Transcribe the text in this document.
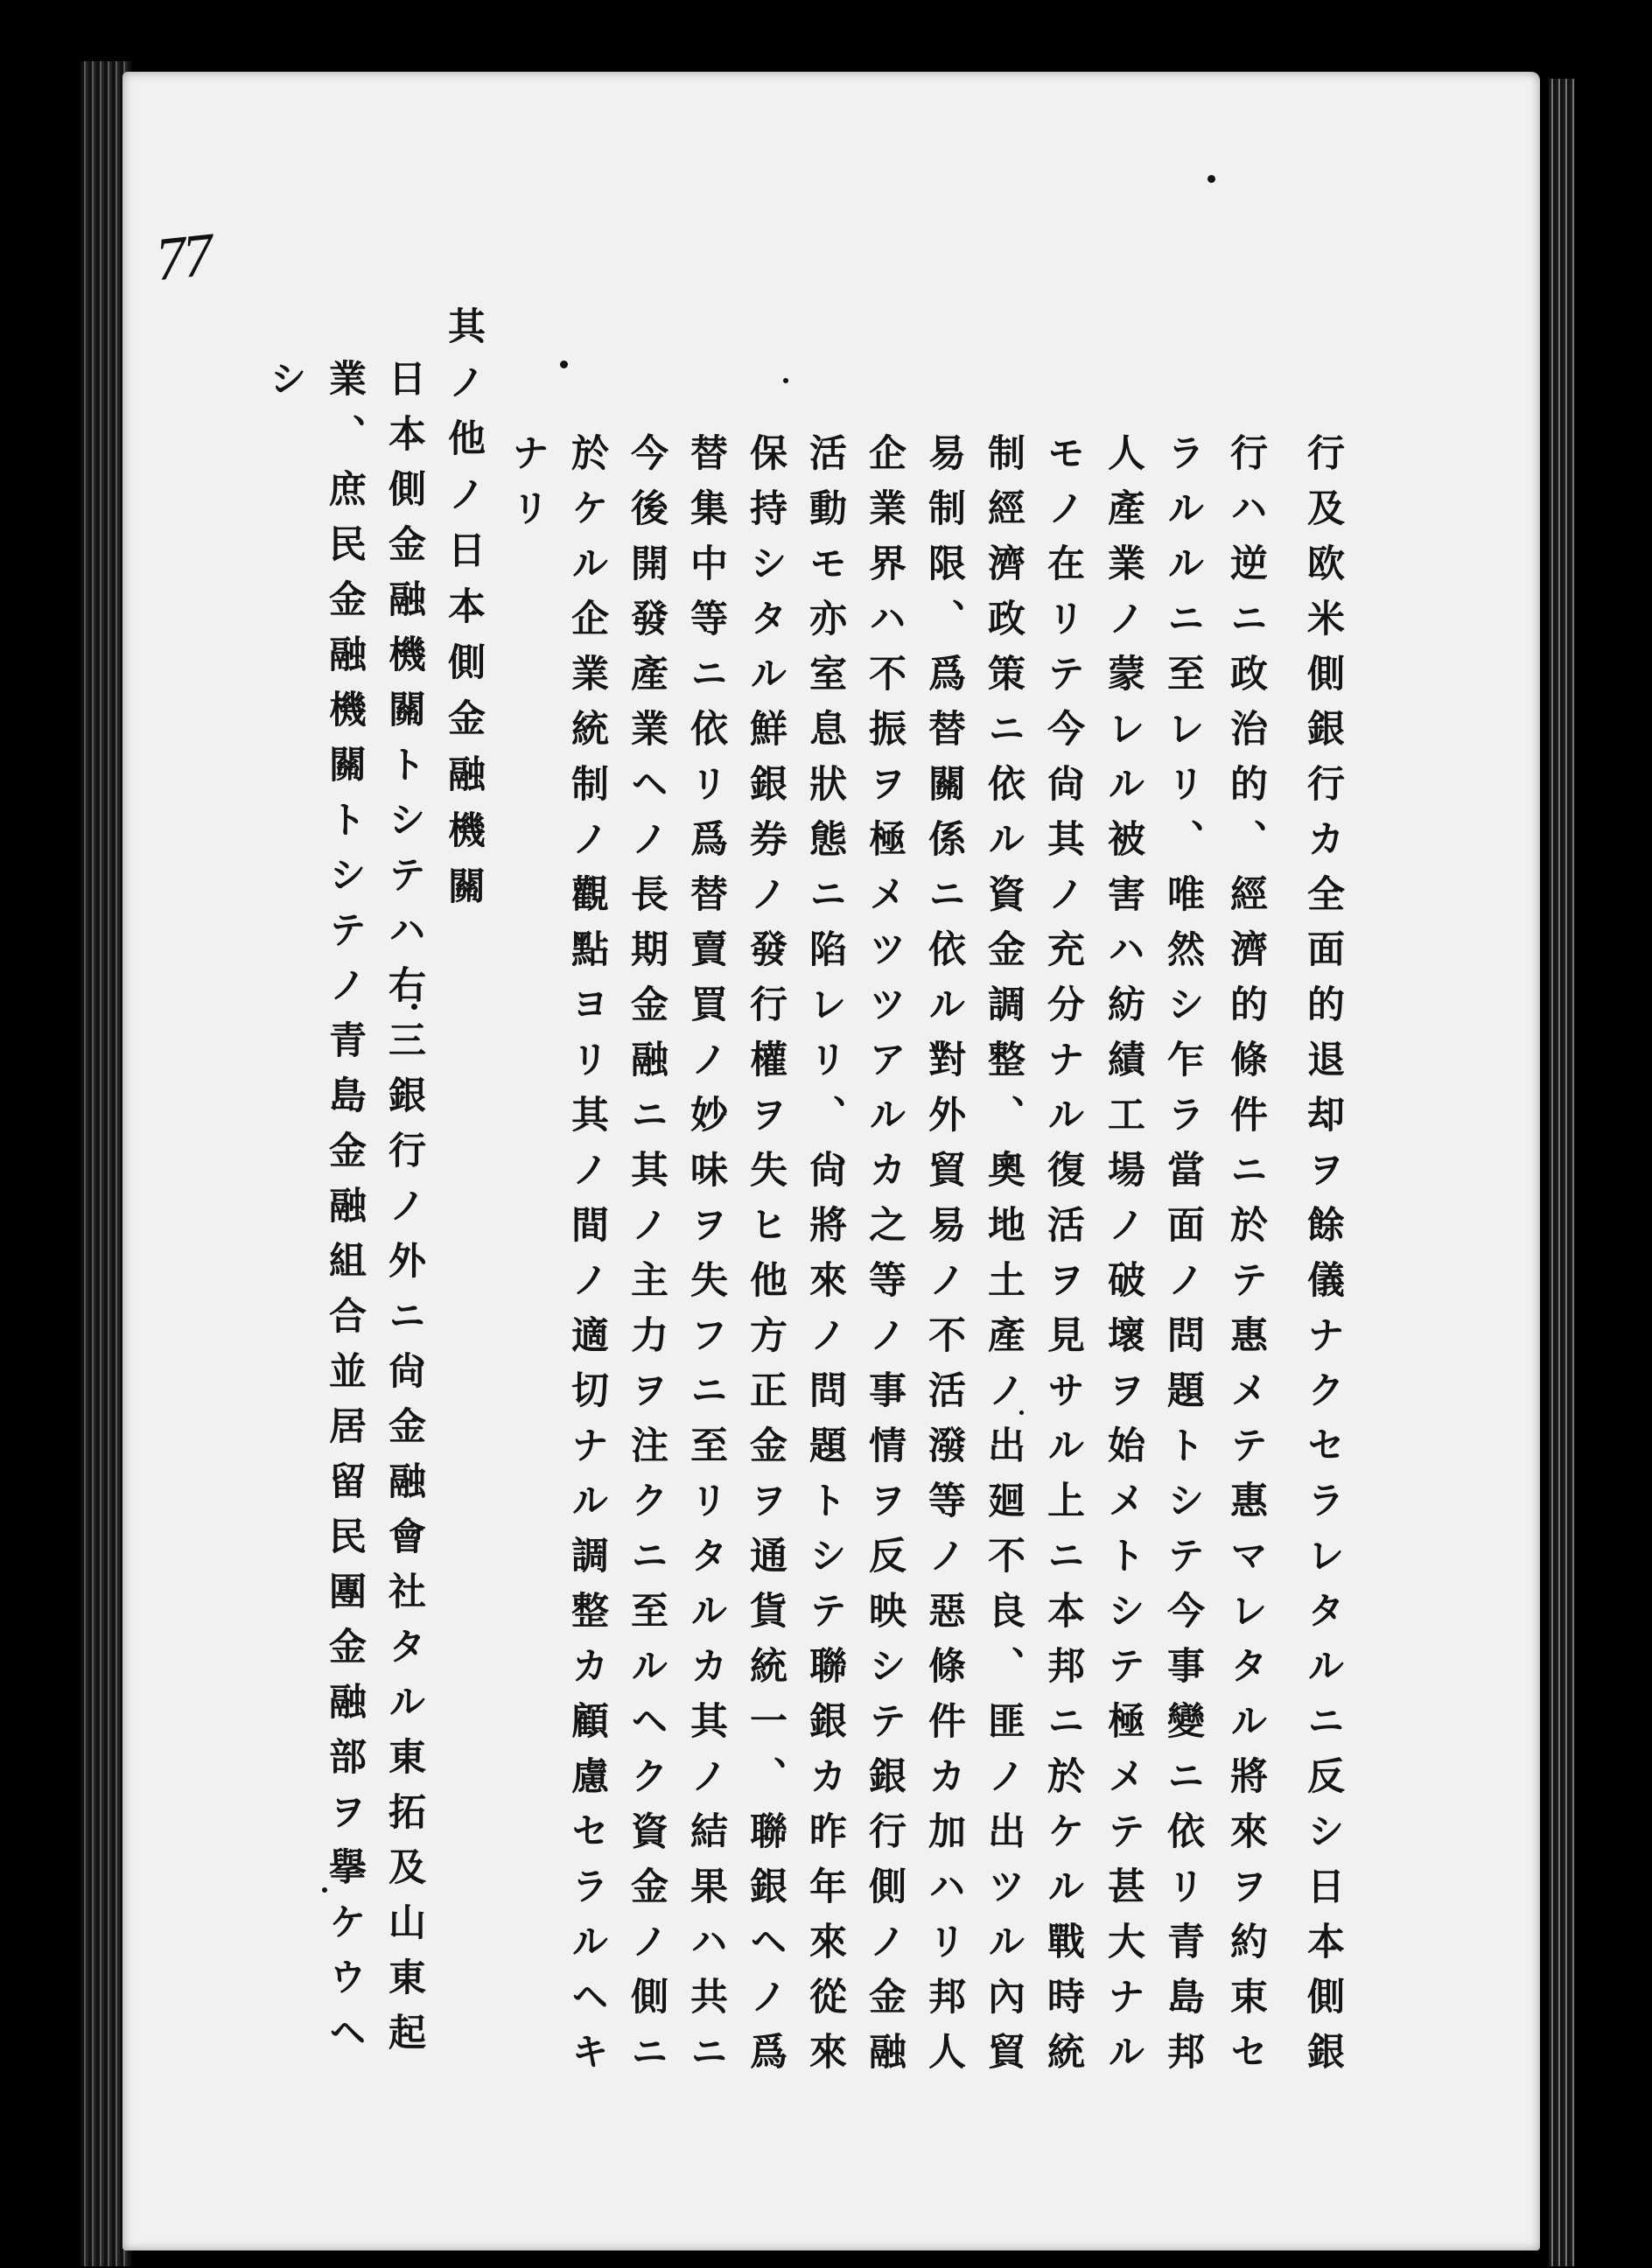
77
行及欧米側銀行カ全面的退却ヲ餘儀ナクセラレタルニ反シ日本側銀
行ハ逆ニ政治的、經濟的條件ニ於テ惠メテ惠マレタル將來ヲ約束セ
ラルルニ至レリ、唯然シ乍ラ當面ノ問題トシテ今事變ニ依リ青島邦
人產業ノ蒙レル被害ハ紡績工場ノ破壞ヲ始メトシテ極メテ甚大ナル
モノ在リテ今尙其ノ充分ナル復活ヲ見サル上ニ本邦ニ於ケル戰時統
制經濟政策ニ依ル資金調整、奧地土產ノ出廻不良、匪ノ出ツル內貿
易制限、爲替關係ニ依ル對外貿易ノ不活潑等ノ惡條件カ加ハリ邦人
企業界ハ不振ヲ極メツツアルカ之等ノ事情ヲ反映シテ銀行側ノ金融
活動モ亦室息狀態ニ陷レリ、尙將來ノ問題トシテ聯銀カ昨年來從來
保持シタル鮮銀券ノ發行權ヲ失ヒ他方正金ヲ通貨統一、聯銀ヘノ爲
替集中等ニ依リ爲替賣買ノ妙味ヲ失フニ至リタルカ其ノ結果ハ共ニ
今後開發產業ヘノ長期金融ニ其ノ主力ヲ注クニ至ルヘク資金ノ側ニ
於ケル企業統制ノ觀點ヨリ其ノ間ノ適切ナル調整カ顧慮セラルヘキ
ナリ
其ノ他ノ日本側金融機關
日本側金融機關トシテハ右三銀行ノ外ニ尙金融會社タル東拓及山東起
業、庶民金融機關トシテノ青島金融組合並居留民團金融部ヲ擧ケウヘ
シ
